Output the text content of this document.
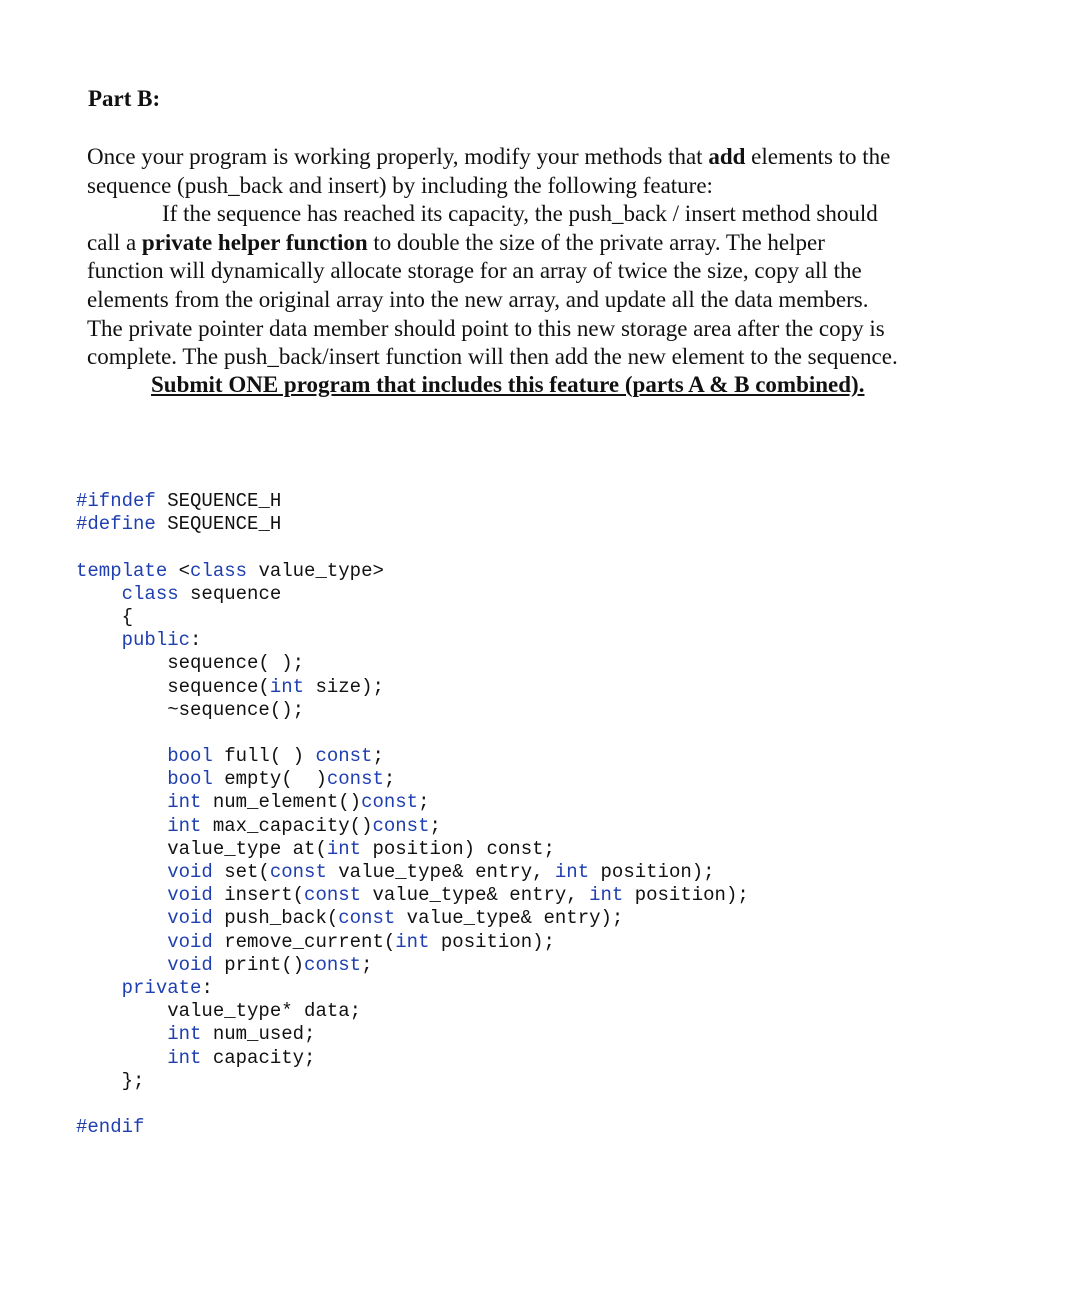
Part B:
Once your program is working properly, modify your methods that add elements to the
sequence (push_back and insert) by including the following feature:
If the sequence has reached its capacity, the push_back / insert method should
call a private helper function to double the size of the private array. The helper
function will dynamically allocate storage for an array of twice the size, copy all the
elements from the original array into the new array, and update all the data members.
The private pointer data member should point to this new storage area after the copy is
complete. The push_back/insert function will then add the new element to the sequence.
Submit ONE program that includes this feature (parts A & B combined).
#ifndef SEQUENCE_H
#define SEQUENCE_H
template <class value_type>
class sequence
{
public:
sequence( );
sequence(int size);
~sequence();
bool full( ) const;
bool empty(  )const;
int num_element()const;
int max_capacity()const;
value_type at(int position) const;
void set(const value_type& entry, int position);
void insert(const value_type& entry, int position);
void push_back(const value_type& entry);
void remove_current(int position);
void print()const;
private:
value_type* data;
int num_used;
int capacity;
};
#endif
